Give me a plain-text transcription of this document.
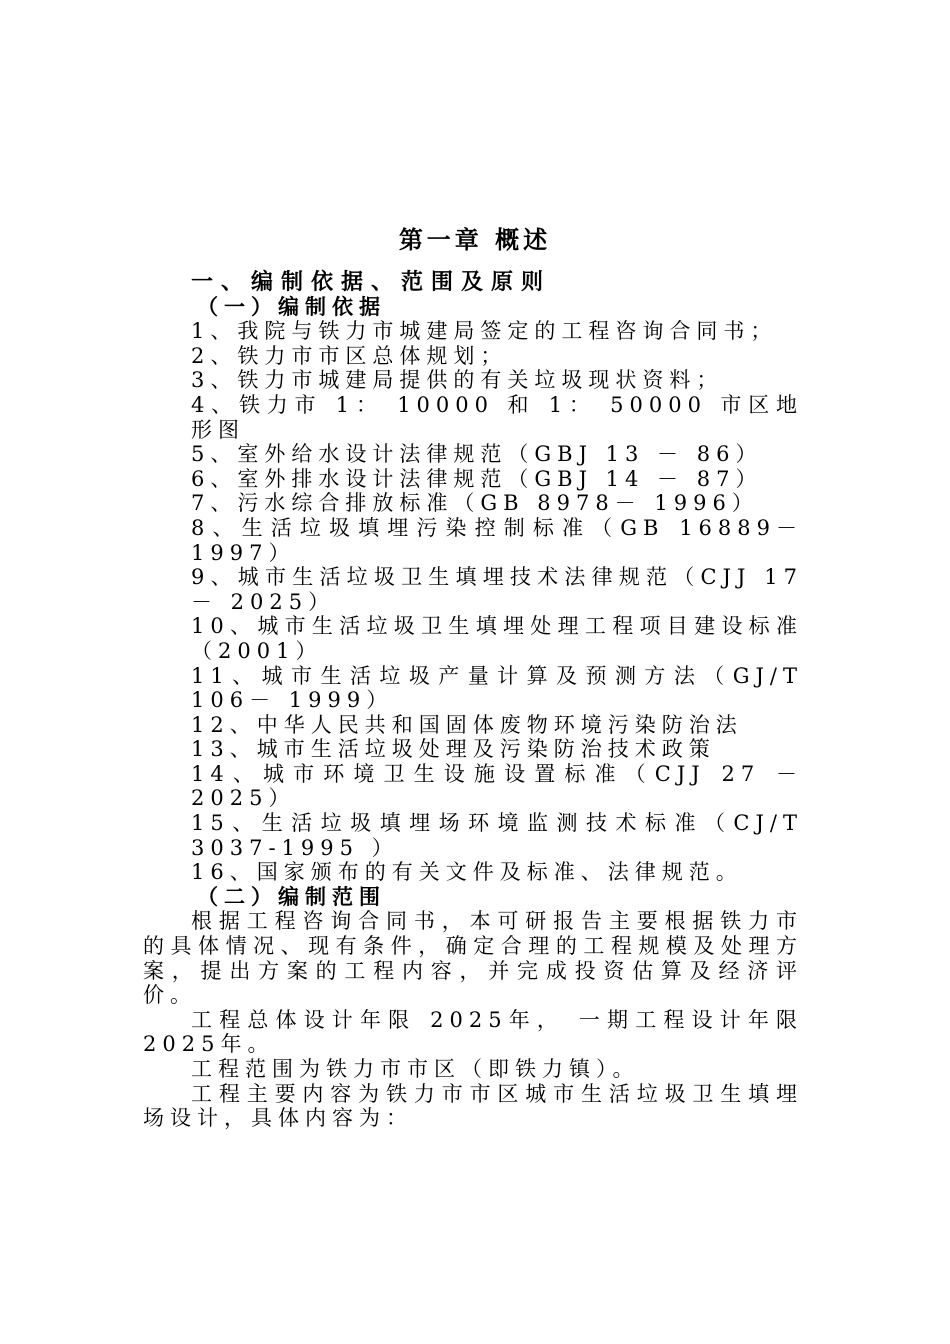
第一章 概述

一、编制依据、范围及原则

（一）编制依据

1、我院与铁力市城建局签定的工程咨询合同书；

2、铁力市市区总体规划；

3、铁力市城建局提供的有关垃圾现状资料；

4、铁力市 1： 10000 和 1： 50000 市区地形图

5、室外给水设计法律规范（GBJ 13 － 86）

6、室外排水设计法律规范（GBJ 14 － 87）

7、污水综合排放标准（GB 8978－ 1996）

8、生活垃圾填埋污染控制标准（GB 16889－ 1997）

9、城市生活垃圾卫生填埋技术法律规范（CJJ 17 － 2025）

10、城市生活垃圾卫生填埋处理工程项目建设标准（2001）

11、城市生活垃圾产量计算及预测方法（GJ/T 106－ 1999）

12、中华人民共和国固体废物环境污染防治法

13、城市生活垃圾处理及污染防治技术政策

14、城市环境卫生设施设置标准（CJJ 27 － 2025）

15、生活垃圾填埋场环境监测技术标准（CJ/T 3037-1995 ）

16、国家颁布的有关文件及标准、法律规范。

（二）编制范围

根据工程咨询合同书，本可研报告主要根据铁力市的具体情况、现有条件，确定合理的工程规模及处理方案，提出方案的工程内容，并完成投资估算及经济评价。

工程总体设计年限 2025年， 一期工程设计年限 2025年。

工程范围为铁力市市区（即铁力镇）。

工程主要内容为铁力市市区城市生活垃圾卫生填埋场设计，具体内容为：
